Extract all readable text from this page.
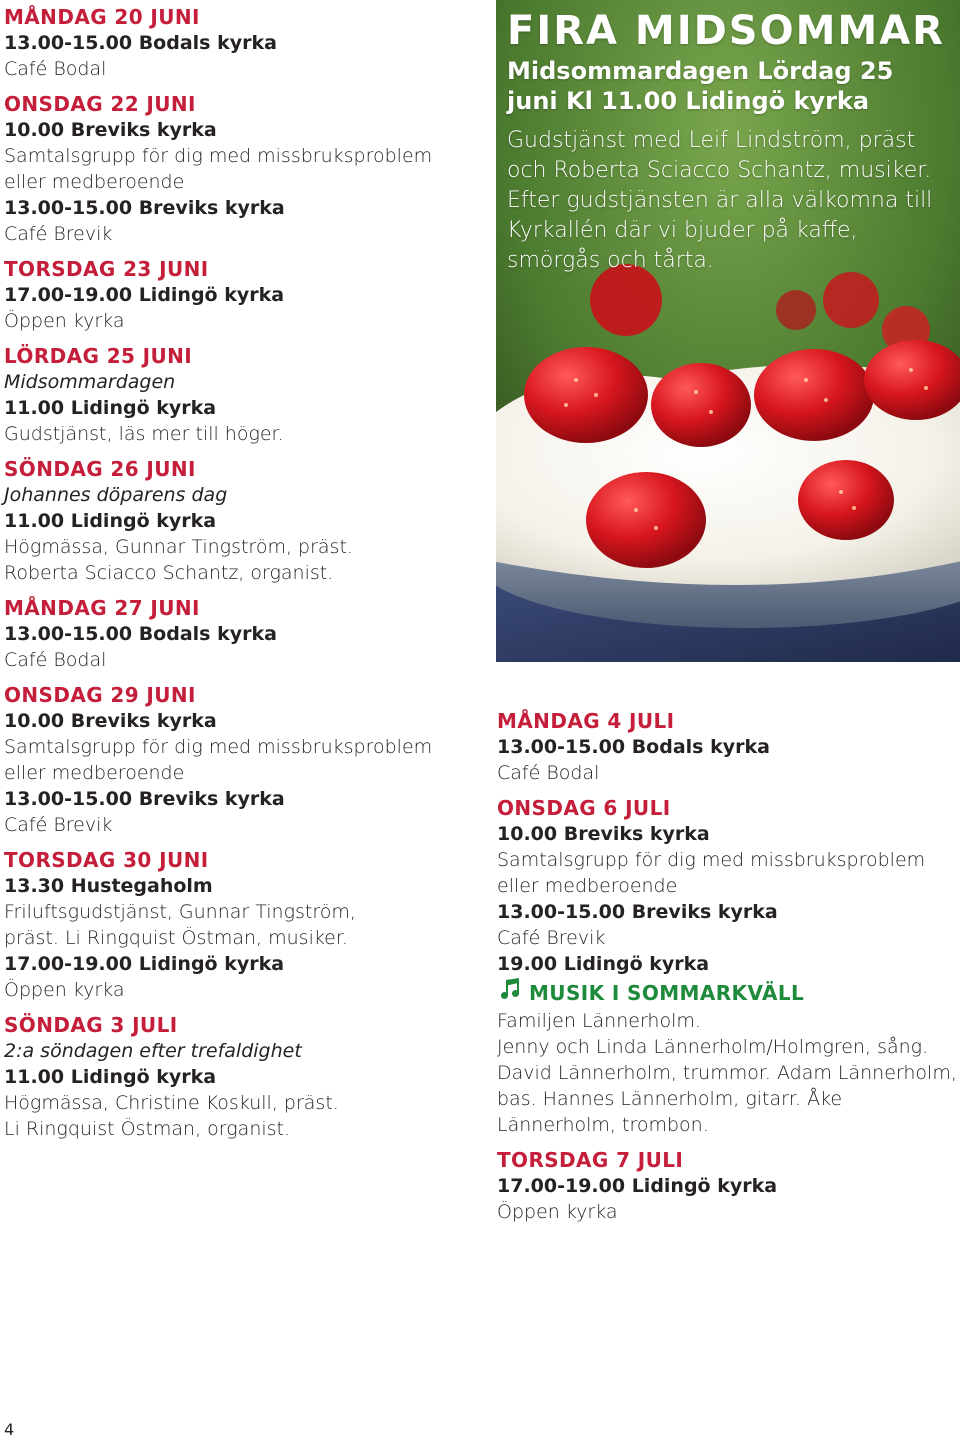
MÅNDAG 20 JUNI
13.00-15.00 Bodals kyrka
Café Bodal
ONSDAG 22 JUNI
10.00 Breviks kyrka
Samtalsgrupp för dig med missbruksproblem eller medberoende
13.00-15.00 Breviks kyrka
Café Brevik
TORSDAG 23 JUNI
17.00-19.00 Lidingö kyrka
Öppen kyrka
LÖRDAG 25 JUNI
Midsommardagen
11.00 Lidingö kyrka
Gudstjänst, läs mer till höger.
SÖNDAG 26 JUNI
Johannes döparens dag
11.00 Lidingö kyrka
Högmässa, Gunnar Tingström, präst. Roberta Sciacco Schantz, organist.
MÅNDAG 27 JUNI
13.00-15.00 Bodals kyrka
Café Bodal
ONSDAG 29 JUNI
10.00 Breviks kyrka
Samtalsgrupp för dig med missbruksproblem eller medberoende
13.00-15.00 Breviks kyrka
Café Brevik
TORSDAG 30 JUNI
13.30 Hustegaholm
Friluftsgudstjänst, Gunnar Tingström, präst. Li Ringquist Östman, musiker.
17.00-19.00 Lidingö kyrka
Öppen kyrka
SÖNDAG 3 JULI
2:a söndagen efter trefaldighet
11.00 Lidingö kyrka
Högmässa, Christine Koskull, präst. Li Ringquist Östman, organist.
FIRA MIDSOMMAR
Midsommardagen Lördag 25 juni Kl 11.00 Lidingö kyrka
Gudstjänst med Leif Lindström, präst och Roberta Sciacco Schantz, musiker. Efter gudstjänsten är alla välkomna till Kyrkallén där vi bjuder på kaffe, smörgås och tårta.
MÅNDAG 4 JULI
13.00-15.00 Bodals kyrka
Café Bodal
ONSDAG 6 JULI
10.00 Breviks kyrka
Samtalsgrupp för dig med missbruksproblem eller medberoende
13.00-15.00 Breviks kyrka
Café Brevik
19.00 Lidingö kyrka
MUSIK I SOMMARKVÄLL
Familjen Lännerholm.
Jenny och Linda Lännerholm/Holmgren, sång. David Lännerholm, trummor. Adam Lännerholm, bas. Hannes Lännerholm, gitarr. Åke Lännerholm, trombon.
TORSDAG 7 JULI
17.00-19.00 Lidingö kyrka
Öppen kyrka
4
